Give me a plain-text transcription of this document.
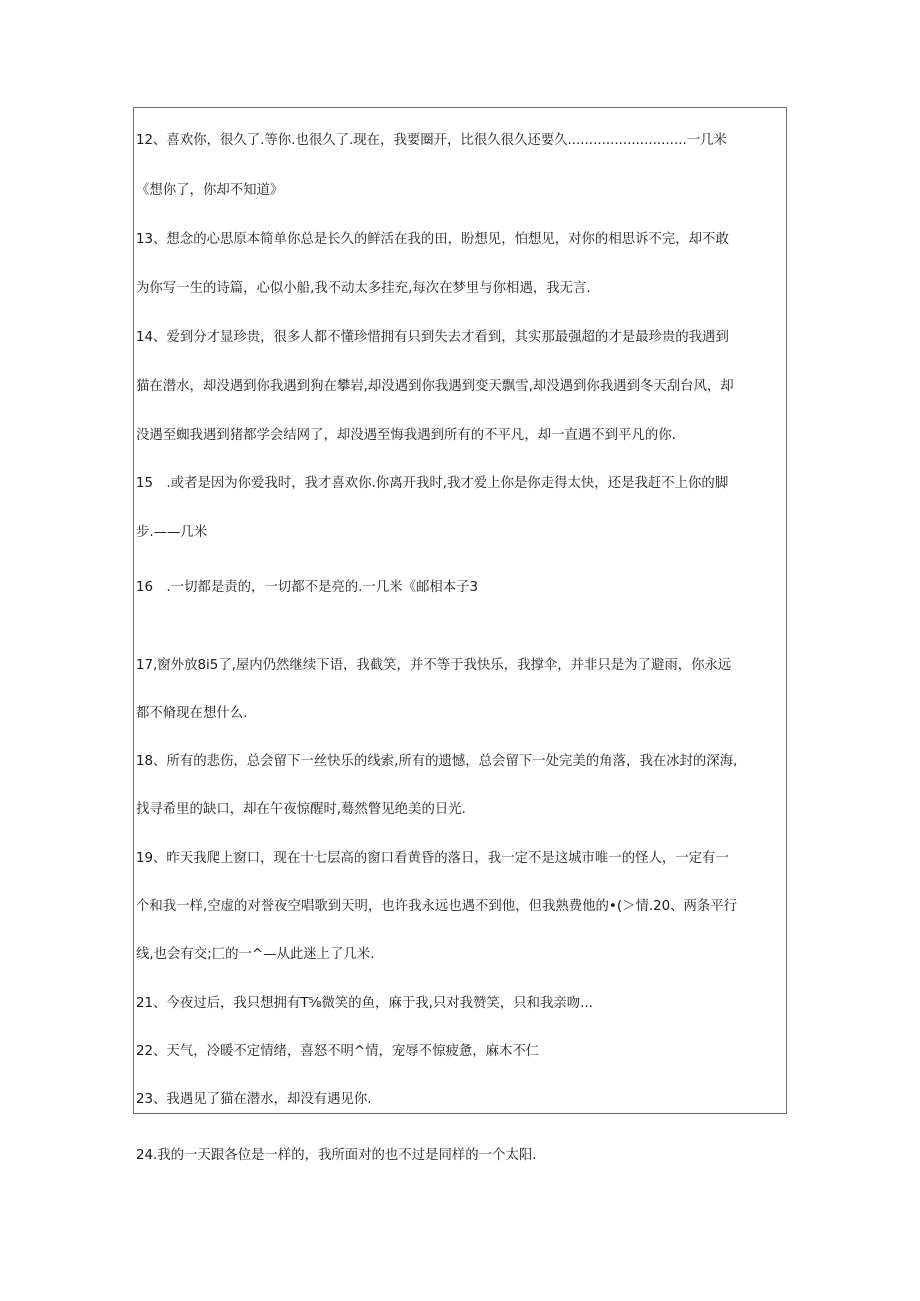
12、喜欢你，很久了.等你.也很久了.现在，我要圈开，比很久很久还要久............................一几米
《想你了，你却不知道》
13、想念的心思原本简单你总是长久的鲜活在我的田，盼想见，怕想见，对你的相思诉不完，却不敢
为你写一生的诗篇，心似小船,我不动太多挂充,每次在梦里与你相遇，我无言.
14、爱到分才显珍贵，很多人都不懂珍惜拥有只到失去才看到，其实那最强超的才是最珍贵的我遇到
猫在潜水，却没遇到你我遇到狗在攀岩,却没遇到你我遇到变天飘雪,却没遇到你我遇到冬天刮台风，却
没遇至蜘我遇到猪都学会结网了，却没遇至悔我遇到所有的不平凡，却一直遇不到平凡的你.
15　.或者是因为你爱我时，我才喜欢你.你离开我时,我才爱上你是你走得太快，还是我赶不上你的脚
步.——几米
16　.一切都是责的，一切都不是亮的.一几米《邮相本子3
17,窗外放8i5了,屋内仍然继续下语，我截笑，并不等于我快乐，我撑伞，并非只是为了避雨，你永远
都不脩现在想什么.
18、所有的悲伤，总会留下一丝快乐的线索,所有的遗憾，总会留下一处完美的角落，我在冰封的深海,
找寻希里的缺口，却在午夜惊醒时,蓦然瞥见绝美的日光.
19、昨天我爬上窗口，现在十七层高的窗口看黄昏的落日，我一定不是这城市唯一的怪人，一定有一
个和我一样,空虚的对誉夜空唱歌到天明，也许我永远也遇不到他，但我熟费他的•(＞情.20、两条平行
线,也会有交;匚的一^—从此迷上了几米.
21、今夜过后，我只想拥有T⅝微笑的鱼，麻于我,只对我赞笑，只和我亲吻...
22、天气，冷暖不定情绪，喜怒不明^情，宠辱不惊疲惫，麻木不仁
23、我遇见了猫在潜水，却没有遇见你.
24.我的一天跟各位是一样的，我所面对的也不过是同样的一个太阳.
